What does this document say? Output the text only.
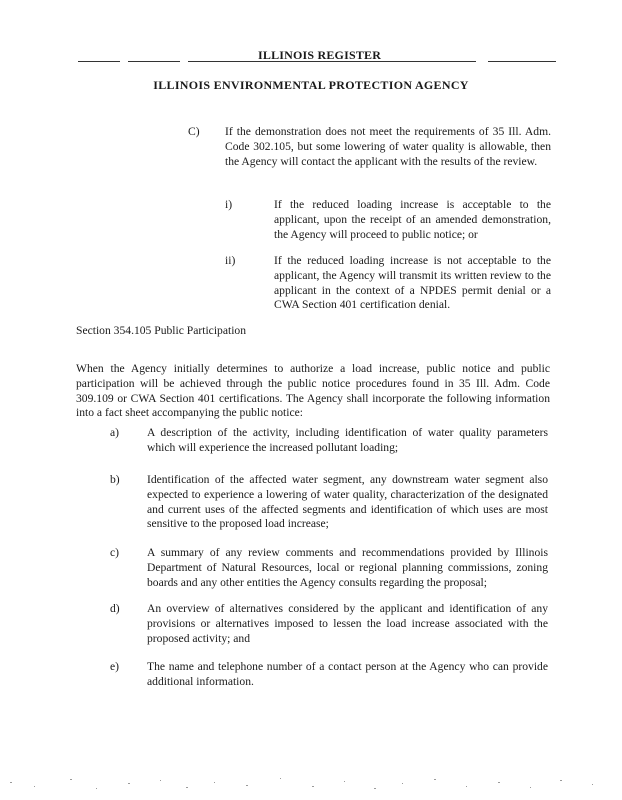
ILLINOIS REGISTER
ILLINOIS ENVIRONMENTAL PROTECTION AGENCY
C) If the demonstration does not meet the requirements of 35 Ill. Adm. Code 302.105, but some lowering of water quality is allowable, then the Agency will contact the applicant with the results of the review.
i)	If the reduced loading increase is acceptable to the applicant, upon the receipt of an amended demonstration, the Agency will proceed to public notice; or
ii)	If the reduced loading increase is not acceptable to the applicant, the Agency will transmit its written review to the applicant in the context of a NPDES permit denial or a CWA Section 401 certification denial.
Section 354.105 Public Participation
When the Agency initially determines to authorize a load increase, public notice and public participation will be achieved through the public notice procedures found in 35 Ill. Adm. Code 309.109 or CWA Section 401 certifications. The Agency shall incorporate the following information into a fact sheet accompanying the public notice:
a) A description of the activity, including identification of water quality parameters which will experience the increased pollutant loading;
b) Identification of the affected water segment, any downstream water segment also expected to experience a lowering of water quality, characterization of the designated and current uses of the affected segments and identification of which uses are most sensitive to the proposed load increase;
c) A summary of any review comments and recommendations provided by Illinois Department of Natural Resources, local or regional planning commissions, zoning boards and any other entities the Agency consults regarding the proposal;
d) An overview of alternatives considered by the applicant and identification of any provisions or alternatives imposed to lessen the load increase associated with the proposed activity; and
e) The name and telephone number of a contact person at the Agency who can provide additional information.
